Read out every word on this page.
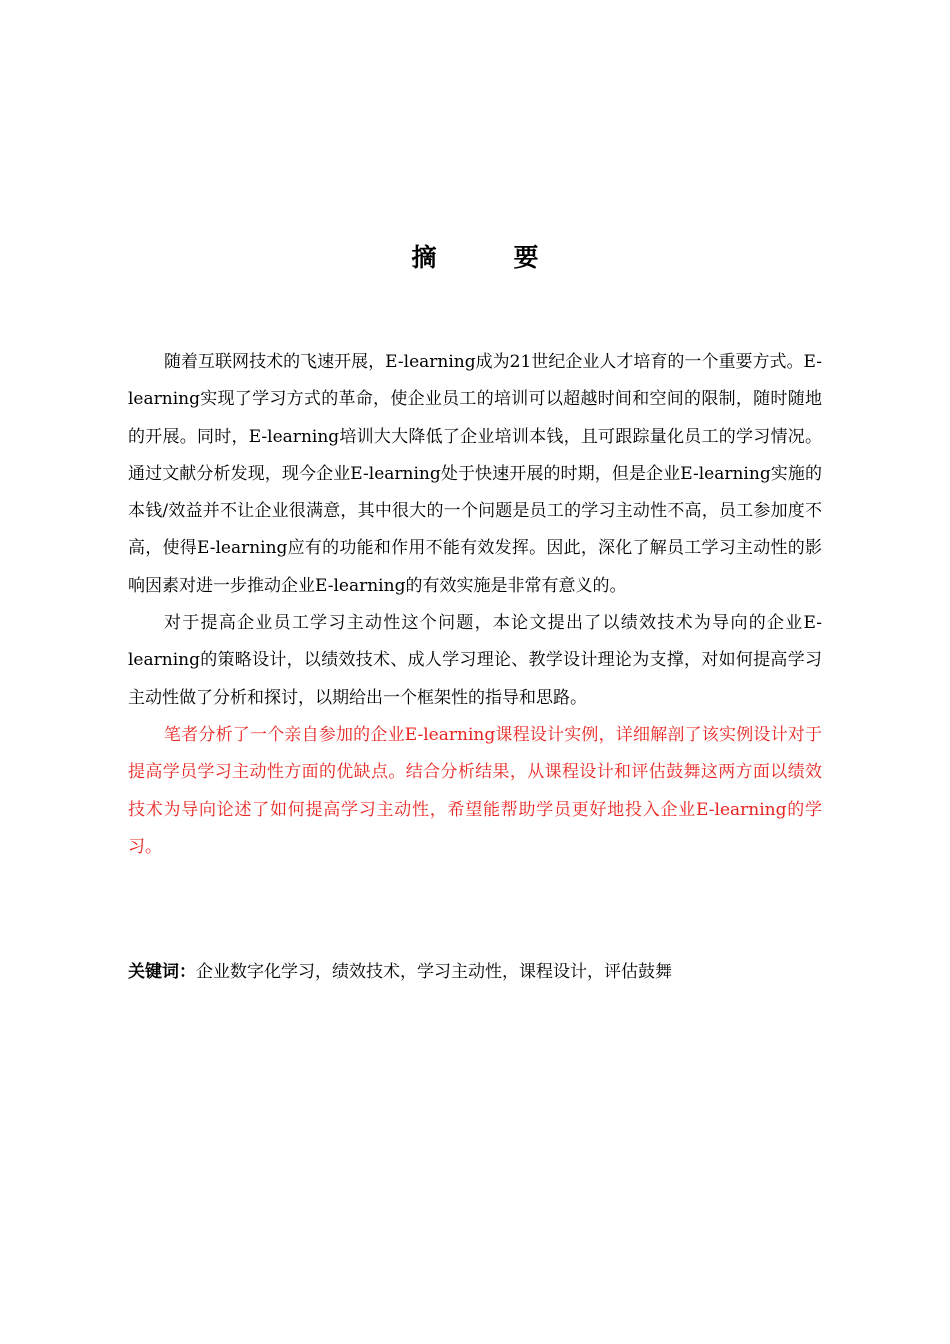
摘　要

随着互联网技术的飞速开展，E-learning成为21世纪企业人才培育的一个重要方式。E-learning实现了学习方式的革命，使企业员工的培训可以超越时间和空间的限制，随时随地的开展。同时，E-learning培训大大降低了企业培训本钱，且可跟踪量化员工的学习情况。通过文献分析发现，现今企业E-learning处于快速开展的时期，但是企业E-learning实施的本钱/效益并不让企业很满意，其中很大的一个问题是员工的学习主动性不高，员工参加度不高，使得E-learning应有的功能和作用不能有效发挥。因此，深化了解员工学习主动性的影响因素对进一步推动企业E-learning的有效实施是非常有意义的。

对于提高企业员工学习主动性这个问题，本论文提出了以绩效技术为导向的企业E-learning的策略设计，以绩效技术、成人学习理论、教学设计理论为支撑，对如何提高学习主动性做了分析和探讨，以期给出一个框架性的指导和思路。

笔者分析了一个亲自参加的企业E-learning课程设计实例，详细解剖了该实例设计对于提高学员学习主动性方面的优缺点。结合分析结果，从课程设计和评估鼓舞这两方面以绩效技术为导向论述了如何提高学习主动性，希望能帮助学员更好地投入企业E-learning的学习。

关键词：企业数字化学习，绩效技术，学习主动性，课程设计，评估鼓舞
